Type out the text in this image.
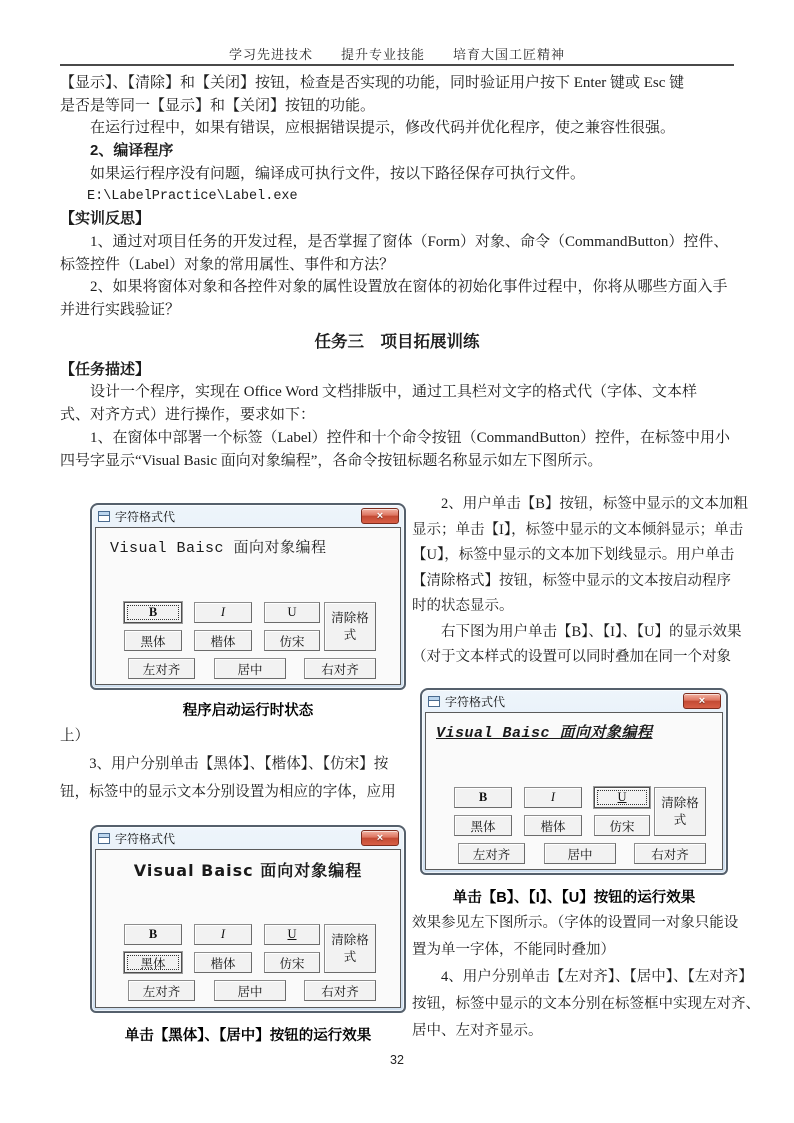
学习先进技术　　提升专业技能　　培育大国工匠精神
【显示】、【清除】和【关闭】按钮，检查是否实现的功能，同时验证用户按下 Enter 键或 Esc 键
是否是等同一【显示】和【关闭】按钮的功能。
在运行过程中，如果有错误，应根据错误提示，修改代码并优化程序，使之兼容性很强。
2、编译程序
如果运行程序没有问题，编译成可执行文件，按以下路径保存可执行文件。
E:\LabelPractice\Label.exe
【实训反思】
1、通过对项目任务的开发过程，是否掌握了窗体（Form）对象、命令（CommandButton）控件、
标签控件（Label）对象的常用属性、事件和方法？
2、如果将窗体对象和各控件对象的属性设置放在窗体的初始化事件过程中，你将从哪些方面入手
并进行实践验证？
任务三　项目拓展训练
【任务描述】
设计一个程序，实现在 Office Word 文档排版中，通过工具栏对文字的格式代（字体、文本样
式、对齐方式）进行操作，要求如下：
1、在窗体中部署一个标签（Label）控件和十个命令按钮（CommandButton）控件，在标签中用小
四号字显示“Visual Basic 面向对象编程”，各命令按钮标题名称显示如左下图所示。
字符格式代	×
Visual Baisc 面向对象编程
B	I	U	清除格式
黑体	楷体	仿宋
左对齐	居中	右对齐
程序启动运行时状态
2、用户单击【B】按钮，标签中显示的文本加粗
显示；单击【I】，标签中显示的文本倾斜显示；单击
【U】，标签中显示的文本加下划线显示。用户单击
【清除格式】按钮，标签中显示的文本按启动程序
时的状态显示。
右下图为用户单击【B】、【I】、【U】的显示效果
（对于文本样式的设置可以同时叠加在同一个对象
上）
3、用户分别单击【黑体】、【楷体】、【仿宋】按
钮，标签中的显示文本分别设置为相应的字体，应用
字符格式代	×
Visual Baisc 面向对象编程
B	I	U	清除格式
黑体	楷体	仿宋
左对齐	居中	右对齐
单击【B】、【I】、【U】按钮的运行效果
效果参见左下图所示。（字体的设置同一对象只能设
置为单一字体，不能同时叠加）
4、用户分别单击【左对齐】、【居中】、【左对齐】
按钮，标签中显示的文本分别在标签框中实现左对齐、
居中、左对齐显示。
字符格式代	×
Visual Baisc 面向对象编程
B	I	U	清除格式
黑体	楷体	仿宋
左对齐	居中	右对齐
单击【黑体】、【居中】按钮的运行效果
32
